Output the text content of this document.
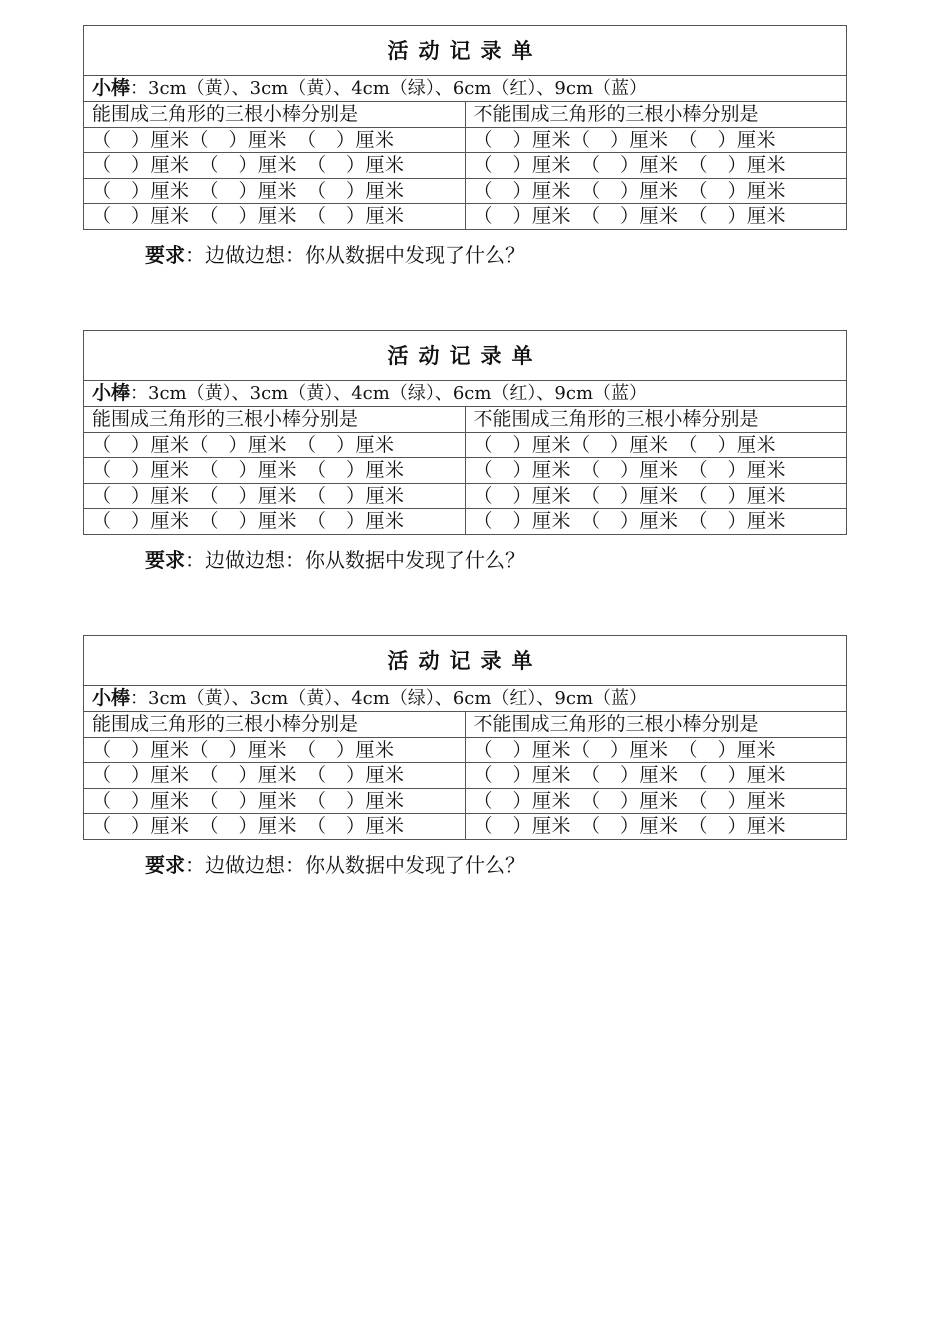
活动记录单	
小棒：3cm（黄）、3cm（黄）、4cm（绿）、6cm（红）、9cm（蓝）	
能围成三角形的三根小棒分别是	不能围成三角形的三根小棒分别是
（　）厘米（　）厘米　（　）厘米	（　）厘米（　）厘米　（　）厘米
（　）厘米　（　）厘米　（　）厘米	（　）厘米　（　）厘米　（　）厘米
（　）厘米　（　）厘米　（　）厘米	（　）厘米　（　）厘米　（　）厘米
（　）厘米　（　）厘米　（　）厘米	（　）厘米　（　）厘米　（　）厘米
要求：边做边想：你从数据中发现了什么？
活动记录单	
小棒：3cm（黄）、3cm（黄）、4cm（绿）、6cm（红）、9cm（蓝）	
能围成三角形的三根小棒分别是	不能围成三角形的三根小棒分别是
（　）厘米（　）厘米　（　）厘米	（　）厘米（　）厘米　（　）厘米
（　）厘米　（　）厘米　（　）厘米	（　）厘米　（　）厘米　（　）厘米
（　）厘米　（　）厘米　（　）厘米	（　）厘米　（　）厘米　（　）厘米
（　）厘米　（　）厘米　（　）厘米	（　）厘米　（　）厘米　（　）厘米
要求：边做边想：你从数据中发现了什么？
活动记录单	
小棒：3cm（黄）、3cm（黄）、4cm（绿）、6cm（红）、9cm（蓝）	
能围成三角形的三根小棒分别是	不能围成三角形的三根小棒分别是
（　）厘米（　）厘米　（　）厘米	（　）厘米（　）厘米　（　）厘米
（　）厘米　（　）厘米　（　）厘米	（　）厘米　（　）厘米　（　）厘米
（　）厘米　（　）厘米　（　）厘米	（　）厘米　（　）厘米　（　）厘米
（　）厘米　（　）厘米　（　）厘米	（　）厘米　（　）厘米　（　）厘米
要求：边做边想：你从数据中发现了什么？
